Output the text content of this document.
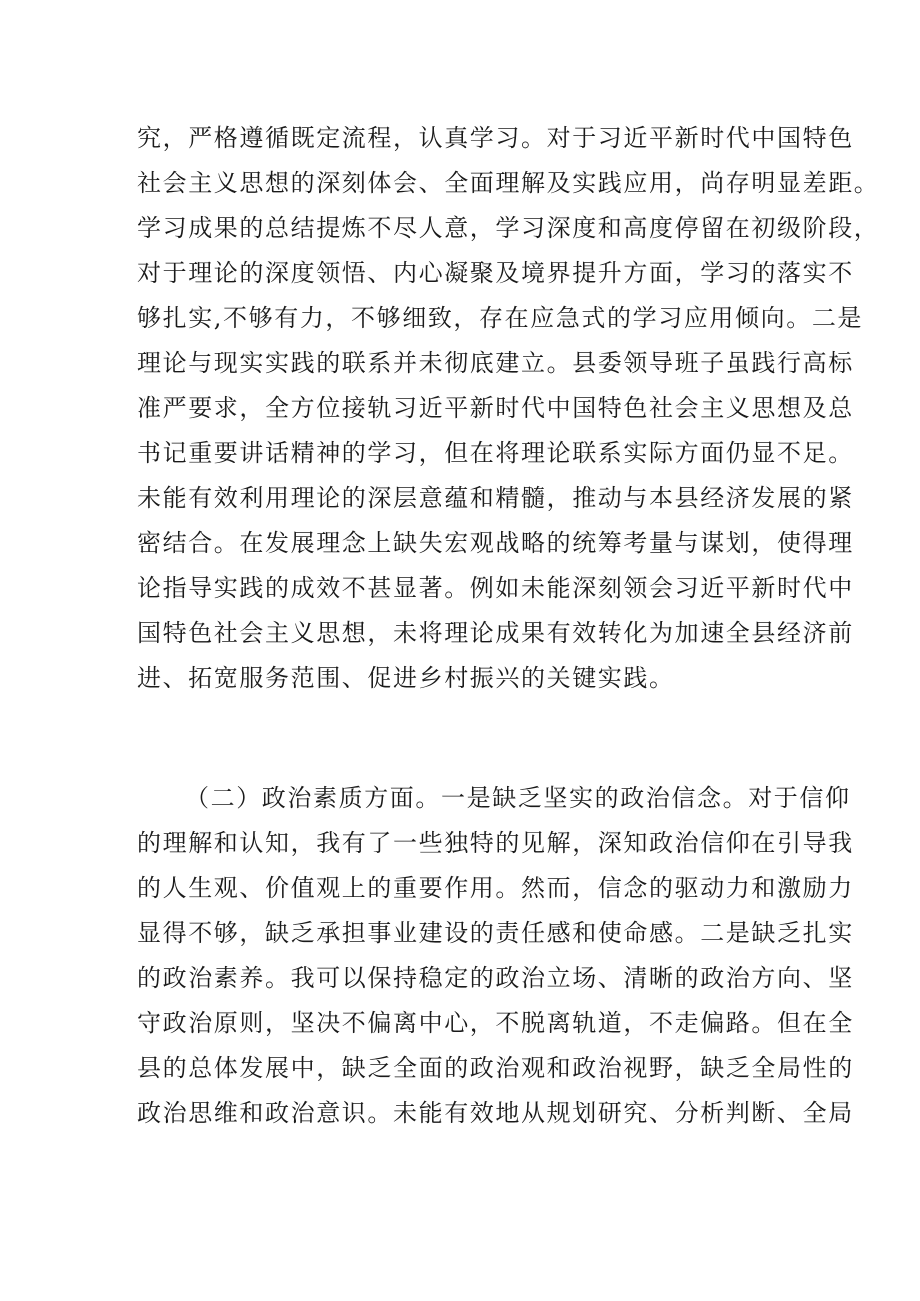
究，严格遵循既定流程，认真学习。对于习近平新时代中国特色
社会主义思想的深刻体会、全面理解及实践应用，尚存明显差距。
学习成果的总结提炼不尽人意，学习深度和高度停留在初级阶段，
对于理论的深度领悟、内心凝聚及境界提升方面，学习的落实不
够扎实,不够有力，不够细致，存在应急式的学习应用倾向。二是
理论与现实实践的联系并未彻底建立。县委领导班子虽践行高标
准严要求，全方位接轨习近平新时代中国特色社会主义思想及总
书记重要讲话精神的学习，但在将理论联系实际方面仍显不足。
未能有效利用理论的深层意蕴和精髓，推动与本县经济发展的紧
密结合。在发展理念上缺失宏观战略的统筹考量与谋划，使得理
论指导实践的成效不甚显著。例如未能深刻领会习近平新时代中
国特色社会主义思想，未将理论成果有效转化为加速全县经济前
进、拓宽服务范围、促进乡村振兴的关键实践。
（二）政治素质方面。一是缺乏坚实的政治信念。对于信仰
的理解和认知，我有了一些独特的见解，深知政治信仰在引导我
的人生观、价值观上的重要作用。然而，信念的驱动力和激励力
显得不够，缺乏承担事业建设的责任感和使命感。二是缺乏扎实
的政治素养。我可以保持稳定的政治立场、清晰的政治方向、坚
守政治原则，坚决不偏离中心，不脱离轨道，不走偏路。但在全
县的总体发展中，缺乏全面的政治观和政治视野，缺乏全局性的
政治思维和政治意识。未能有效地从规划研究、分析判断、全局
